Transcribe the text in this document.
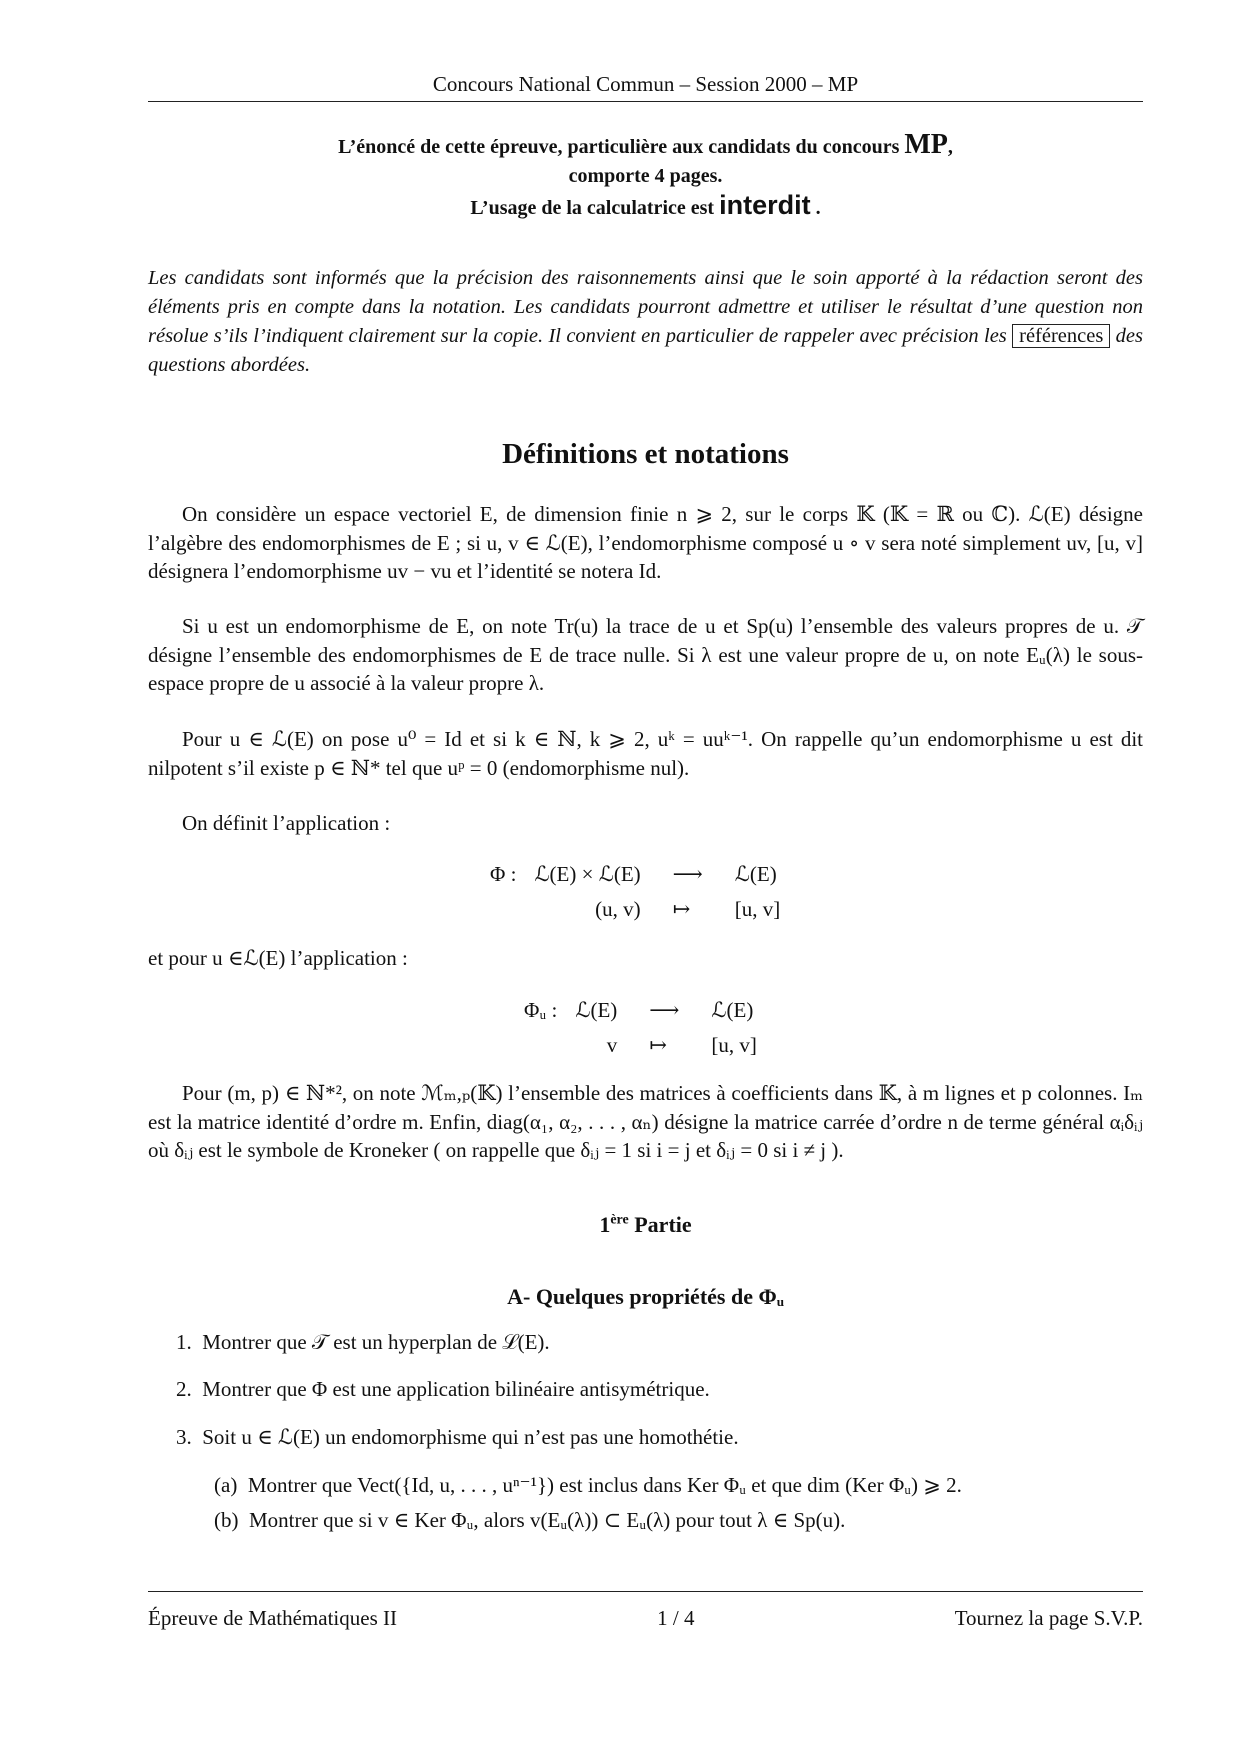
Concours National Commun – Session 2000 – MP
L’énoncé de cette épreuve, particulière aux candidats du concours MP,
comporte 4 pages.
L’usage de la calculatrice est interdit .
Les candidats sont informés que la précision des raisonnements ainsi que le soin apporté à la rédaction seront des éléments pris en compte dans la notation. Les candidats pourront admettre et utiliser le résultat d’une question non résolue s’ils l’indiquent clairement sur la copie. Il convient en particulier de rappeler avec précision les références des questions abordées.
Définitions et notations
On considère un espace vectoriel E, de dimension finie n ⩾ 2, sur le corps 𝕂 (𝕂 = ℝ ou ℂ). ℒ(E) désigne l’algèbre des endomorphismes de E ; si u, v ∈ ℒ(E), l’endomorphisme composé u ∘ v sera noté simplement uv, [u, v] désignera l’endomorphisme uv − vu et l’identité se notera Id.
Si u est un endomorphisme de E, on note Tr(u) la trace de u et Sp(u) l’ensemble des valeurs propres de u. 𝒯 désigne l’ensemble des endomorphismes de E de trace nulle. Si λ est une valeur propre de u, on note Eᵤ(λ) le sous-espace propre de u associé à la valeur propre λ.
Pour u ∈ ℒ(E) on pose u⁰ = Id et si k ∈ ℕ, k ⩾ 2, uᵏ = uuᵏ⁻¹. On rappelle qu’un endomorphisme u est dit nilpotent s’il existe p ∈ ℕ* tel que uᵖ = 0 (endomorphisme nul).
On définit l’application :
Φ :	ℒ(E) × ℒ(E)	⟶	ℒ(E)
	(u, v)	↦	[u, v]
et pour u ∈ℒ(E) l’application :
Φᵤ :	ℒ(E)	⟶	ℒ(E)
	v	↦	[u, v]
Pour (m, p) ∈ ℕ*², on note ℳₘ,ₚ(𝕂) l’ensemble des matrices à coefficients dans 𝕂, à m lignes et p colonnes. Iₘ est la matrice identité d’ordre m. Enfin, diag(α₁, α₂, . . . , αₙ) désigne la matrice carrée d’ordre n de terme général αᵢδᵢⱼ où δᵢⱼ est le symbole de Kroneker ( on rappelle que δᵢⱼ = 1 si i = j et δᵢⱼ = 0 si i ≠ j ).
1ère Partie
A- Quelques propriétés de Φᵤ
1. Montrer que 𝒯 est un hyperplan de ℒ(E).
2. Montrer que Φ est une application bilinéaire antisymétrique.
3. Soit u ∈ ℒ(E) un endomorphisme qui n’est pas une homothétie.
(a) Montrer que Vect({Id, u, . . . , uⁿ⁻¹}) est inclus dans Ker Φᵤ et que dim (Ker Φᵤ) ⩾ 2.
(b) Montrer que si v ∈ Ker Φᵤ, alors v(Eᵤ(λ)) ⊂ Eᵤ(λ) pour tout λ ∈ Sp(u).
Épreuve de Mathématiques II	1 / 4	Tournez la page S.V.P.
